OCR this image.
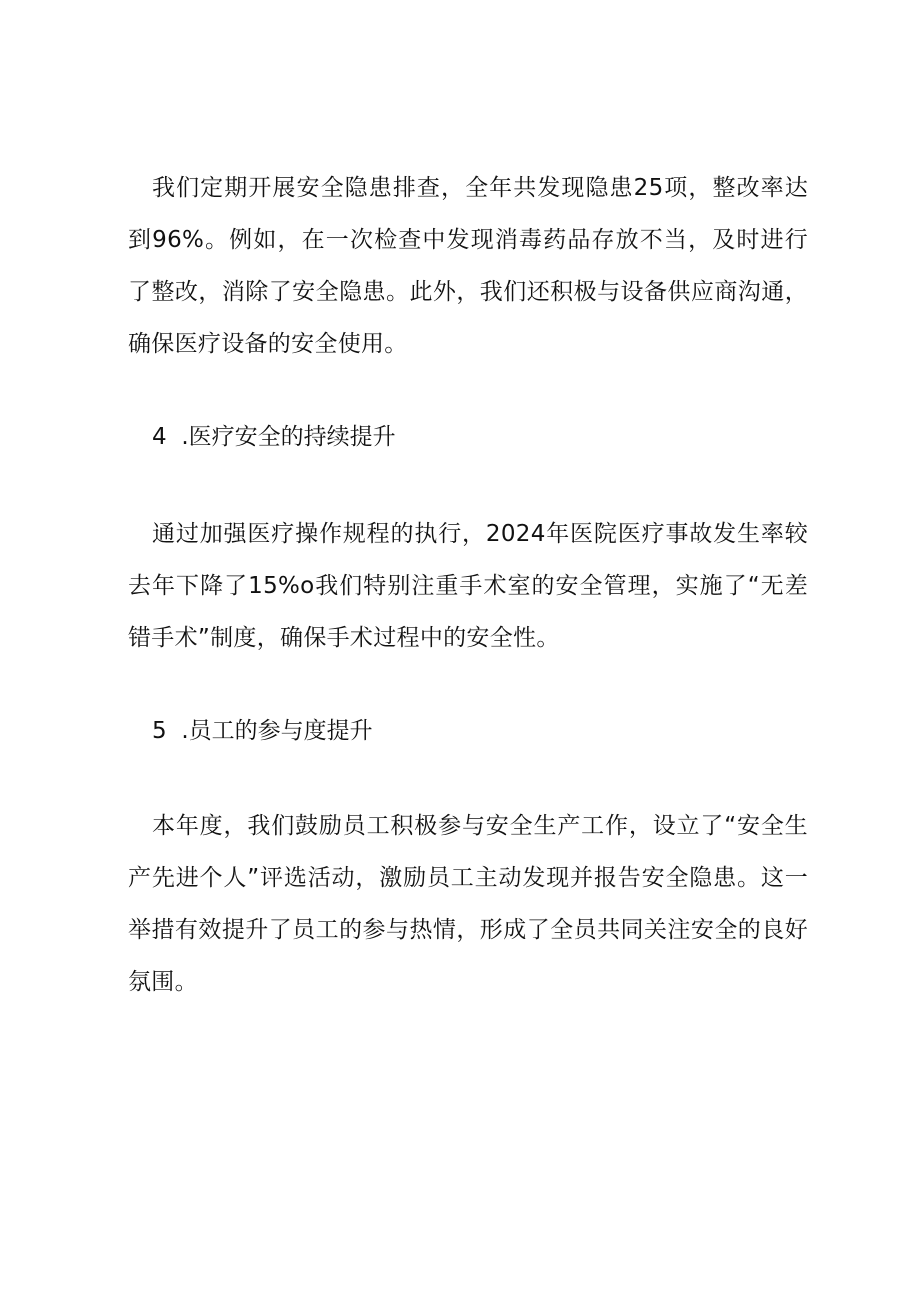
我们定期开展安全隐患排查，全年共发现隐患25项，整改率达到96%。例如，在一次检查中发现消毒药品存放不当，及时进行了整改，消除了安全隐患。此外，我们还积极与设备供应商沟通，确保医疗设备的安全使用。

4 .医疗安全的持续提升

通过加强医疗操作规程的执行，2024年医院医疗事故发生率较去年下降了15%o我们特别注重手术室的安全管理，实施了“无差错手术”制度，确保手术过程中的安全性。

5 .员工的参与度提升

本年度，我们鼓励员工积极参与安全生产工作，设立了“安全生产先进个人”评选活动，激励员工主动发现并报告安全隐患。这一举措有效提升了员工的参与热情，形成了全员共同关注安全的良好氛围。
